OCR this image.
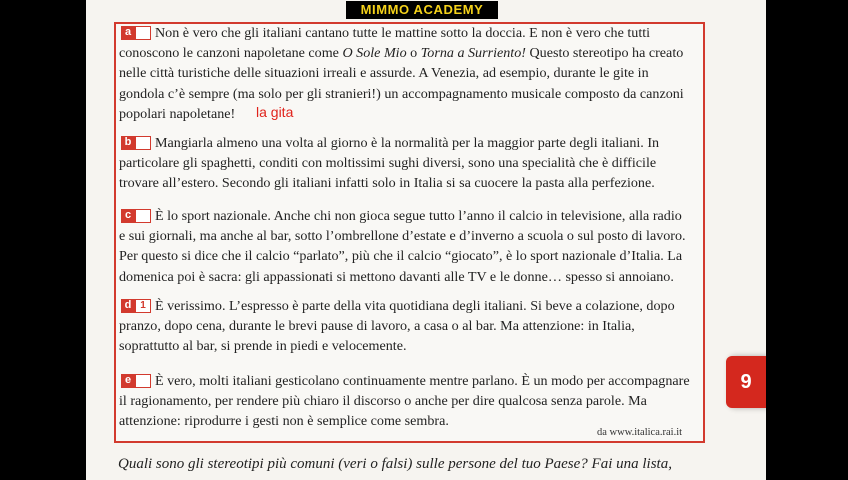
MIMMO ACADEMY
a	Non è vero che gli italiani cantano tutte le mattine sotto la doccia. E non è vero che tutti conoscono le canzoni napoletane come O Sole Mio o Torna a Surriento! Questo stereotipo ha creato nelle città turistiche delle situazioni irreali e assurde. A Venezia, ad esempio, durante le gite in gondola c’è sempre (ma solo per gli stranieri!) un accompagnamento musicale composto da canzoni popolari napoletane!	la gita
b	Mangiarla almeno una volta al giorno è la normalità per la maggior parte degli italiani. In particolare gli spaghetti, conditi con moltissimi sughi diversi, sono una specialità che è difficile trovare all’estero. Secondo gli italiani infatti solo in Italia si sa cuocere la pasta alla perfezione.

c	È lo sport nazionale. Anche chi non gioca segue tutto l’anno il calcio in televisione, alla radio e sui giornali, ma anche al bar, sotto l’ombrellone d’estate e d’inverno a scuola o sul posto di lavoro. Per questo si dice che il calcio “parlato”, più che il calcio “giocato”, è lo sport nazionale d’Italia. La domenica poi è sacra: gli appassionati si mettono davanti alle TV e le donne… spesso si annoiano.

d 1 È verissimo. L’espresso è parte della vita quotidiana degli italiani. Si beve a colazione, dopo pranzo, dopo cena, durante le brevi pause di lavoro, a casa o al bar. Ma attenzione: in Italia, soprattutto al bar, si prende in piedi e velocemente.

e	È vero, molti italiani gesticolano continuamente mentre parlano. È un modo per accompagnare il ragionamento, per rendere più chiaro il discorso o anche per dire qualcosa senza parole. Ma attenzione: riprodurre i gesti non è semplice come sembra.

da www.italica.rai.it
Quali sono gli stereotipi più comuni (veri o falsi) sulle persone del tuo Paese? Fai una lista,
9
